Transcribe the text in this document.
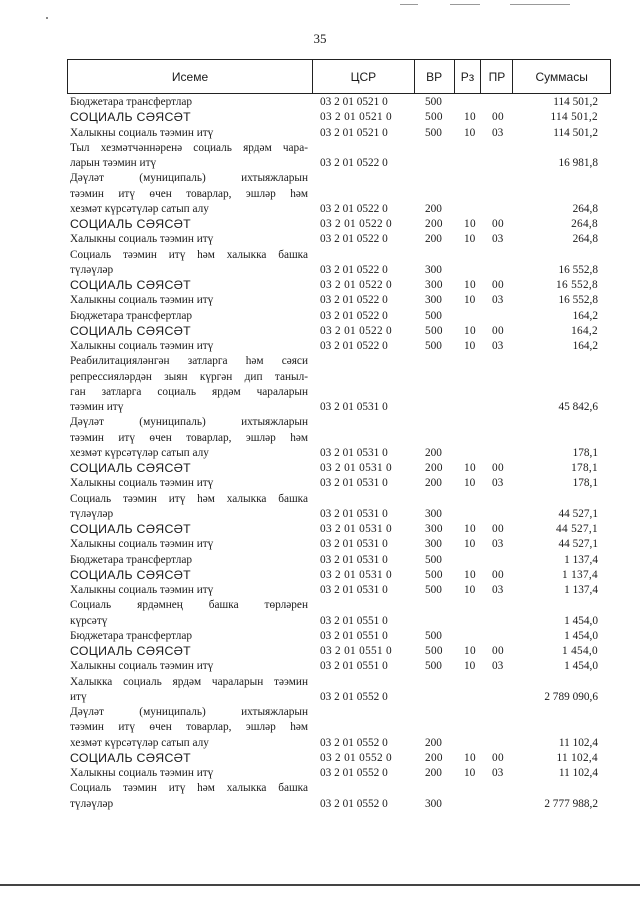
35
Исеме	ЦСР	ВР	Рз	ПР	Суммасы
Бюджетара трансфертлар	03 2 01 0521 0	500	114 501,2
СОЦИАЛЬ СӘЯСӘТ	03 2 01 0521 0	500 10 00	114 501,2
Халыкны социаль тәэмин итү	03 2 01 0521 0	500 10 03	114 501,2
Тыл хезмәтчәннәренә социаль ярдәм чара-
ларын тәэмин итү	03 2 01 0522 0	16 981,8
Дәүләт (муниципаль) ихтыяжларын
тәэмин итү өчен товарлар, эшләр һәм
хезмәт күрсәтүләр сатып алу	03 2 01 0522 0	200	264,8
СОЦИАЛЬ СӘЯСӘТ	03 2 01 0522 0	200 10 00	264,8
Халыкны социаль тәэмин итү	03 2 01 0522 0	200 10 03	264,8
Социаль тәэмин итү һәм халыкка башка
түләүләр	03 2 01 0522 0	300	16 552,8
СОЦИАЛЬ СӘЯСӘТ	03 2 01 0522 0	300 10 00	16 552,8
Халыкны социаль тәэмин итү	03 2 01 0522 0	300 10 03	16 552,8
Бюджетара трансфертлар	03 2 01 0522 0	500	164,2
СОЦИАЛЬ СӘЯСӘТ	03 2 01 0522 0	500 10 00	164,2
Халыкны социаль тәэмин итү	03 2 01 0522 0	500 10 03	164,2
Реабилитацияләнгән затларга һәм сәяси
репрессияләрдән зыян күргән дип таныл-
ган затларга социаль ярдәм чараларын
тәэмин итү	03 2 01 0531 0	45 842,6
Дәүләт (муниципаль) ихтыяжларын
тәэмин итү өчен товарлар, эшләр һәм
хезмәт күрсәтүләр сатып алу	03 2 01 0531 0	200	178,1
СОЦИАЛЬ СӘЯСӘТ	03 2 01 0531 0	200 10 00	178,1
Халыкны социаль тәэмин итү	03 2 01 0531 0	200 10 03	178,1
Социаль тәэмин итү һәм халыкка башка
түләүләр	03 2 01 0531 0	300	44 527,1
СОЦИАЛЬ СӘЯСӘТ	03 2 01 0531 0	300 10 00	44 527,1
Халыкны социаль тәэмин итү	03 2 01 0531 0	300 10 03	44 527,1
Бюджетара трансфертлар	03 2 01 0531 0	500	1 137,4
СОЦИАЛЬ СӘЯСӘТ	03 2 01 0531 0	500 10 00	1 137,4
Халыкны социаль тәэмин итү	03 2 01 0531 0	500 10 03	1 137,4
Социаль ярдәмнең башка төрләрен
күрсәтү	03 2 01 0551 0	1 454,0
Бюджетара трансфертлар	03 2 01 0551 0	500	1 454,0
СОЦИАЛЬ СӘЯСӘТ	03 2 01 0551 0	500 10 00	1 454,0
Халыкны социаль тәэмин итү	03 2 01 0551 0	500 10 03	1 454,0
Халыкка социаль ярдәм чараларын тәэмин
итү	03 2 01 0552 0	2 789 090,6
Дәүләт (муниципаль) ихтыяжларын
тәэмин итү өчен товарлар, эшләр һәм
хезмәт күрсәтүләр сатып алу	03 2 01 0552 0	200	11 102,4
СОЦИАЛЬ СӘЯСӘТ	03 2 01 0552 0	200 10 00	11 102,4
Халыкны социаль тәэмин итү	03 2 01 0552 0	200 10 03	11 102,4
Социаль тәэмин итү һәм халыкка башка
түләүләр	03 2 01 0552 0	300	2 777 988,2
